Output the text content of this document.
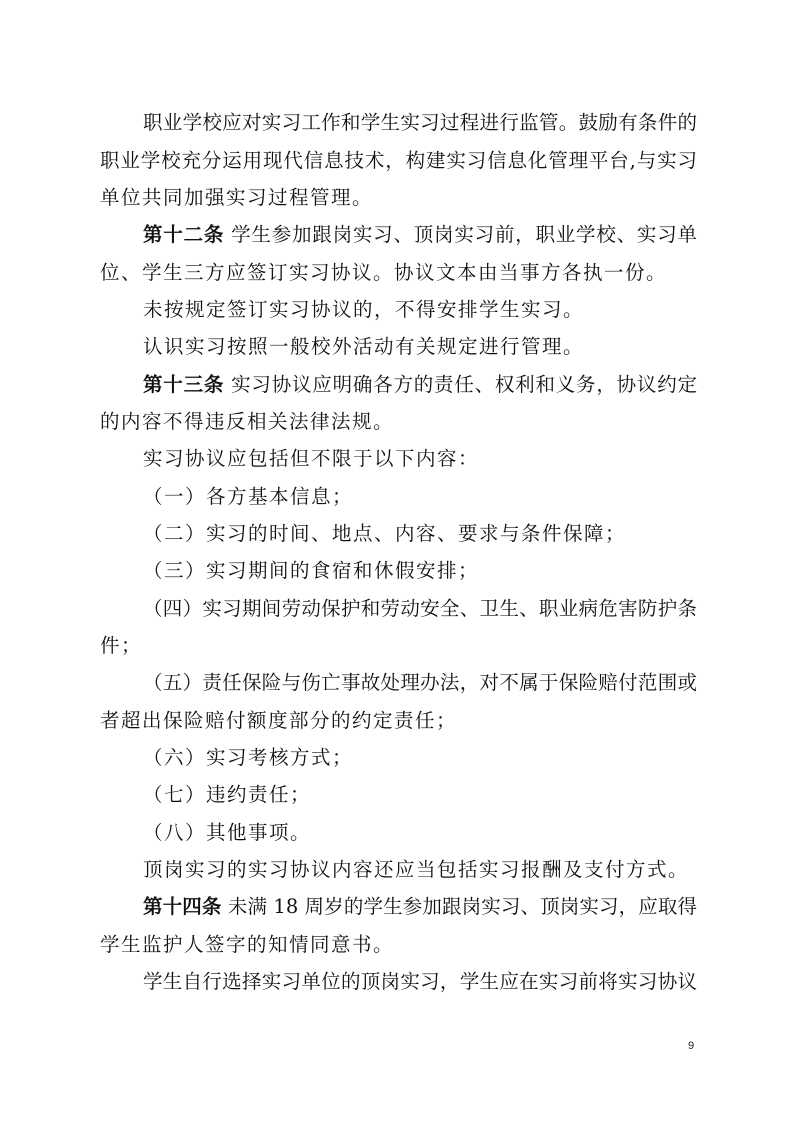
职业学校应对实习工作和学生实习过程进行监管。鼓励有条件的
职业学校充分运用现代信息技术，构建实习信息化管理平台,与实习
单位共同加强实习过程管理。
第十二条 学生参加跟岗实习、顶岗实习前，职业学校、实习单
位、学生三方应签订实习协议。协议文本由当事方各执一份。
未按规定签订实习协议的，不得安排学生实习。
认识实习按照一般校外活动有关规定进行管理。
第十三条 实习协议应明确各方的责任、权利和义务，协议约定
的内容不得违反相关法律法规。
实习协议应包括但不限于以下内容：
（一）各方基本信息；
（二）实习的时间、地点、内容、要求与条件保障；
（三）实习期间的食宿和休假安排；
（四）实习期间劳动保护和劳动安全、卫生、职业病危害防护条
件；
（五）责任保险与伤亡事故处理办法，对不属于保险赔付范围或
者超出保险赔付额度部分的约定责任；
（六）实习考核方式；
（七）违约责任；
（八）其他事项。
顶岗实习的实习协议内容还应当包括实习报酬及支付方式。
第十四条 未满 18 周岁的学生参加跟岗实习、顶岗实习，应取得
学生监护人签字的知情同意书。
学生自行选择实习单位的顶岗实习，学生应在实习前将实习协议
9
